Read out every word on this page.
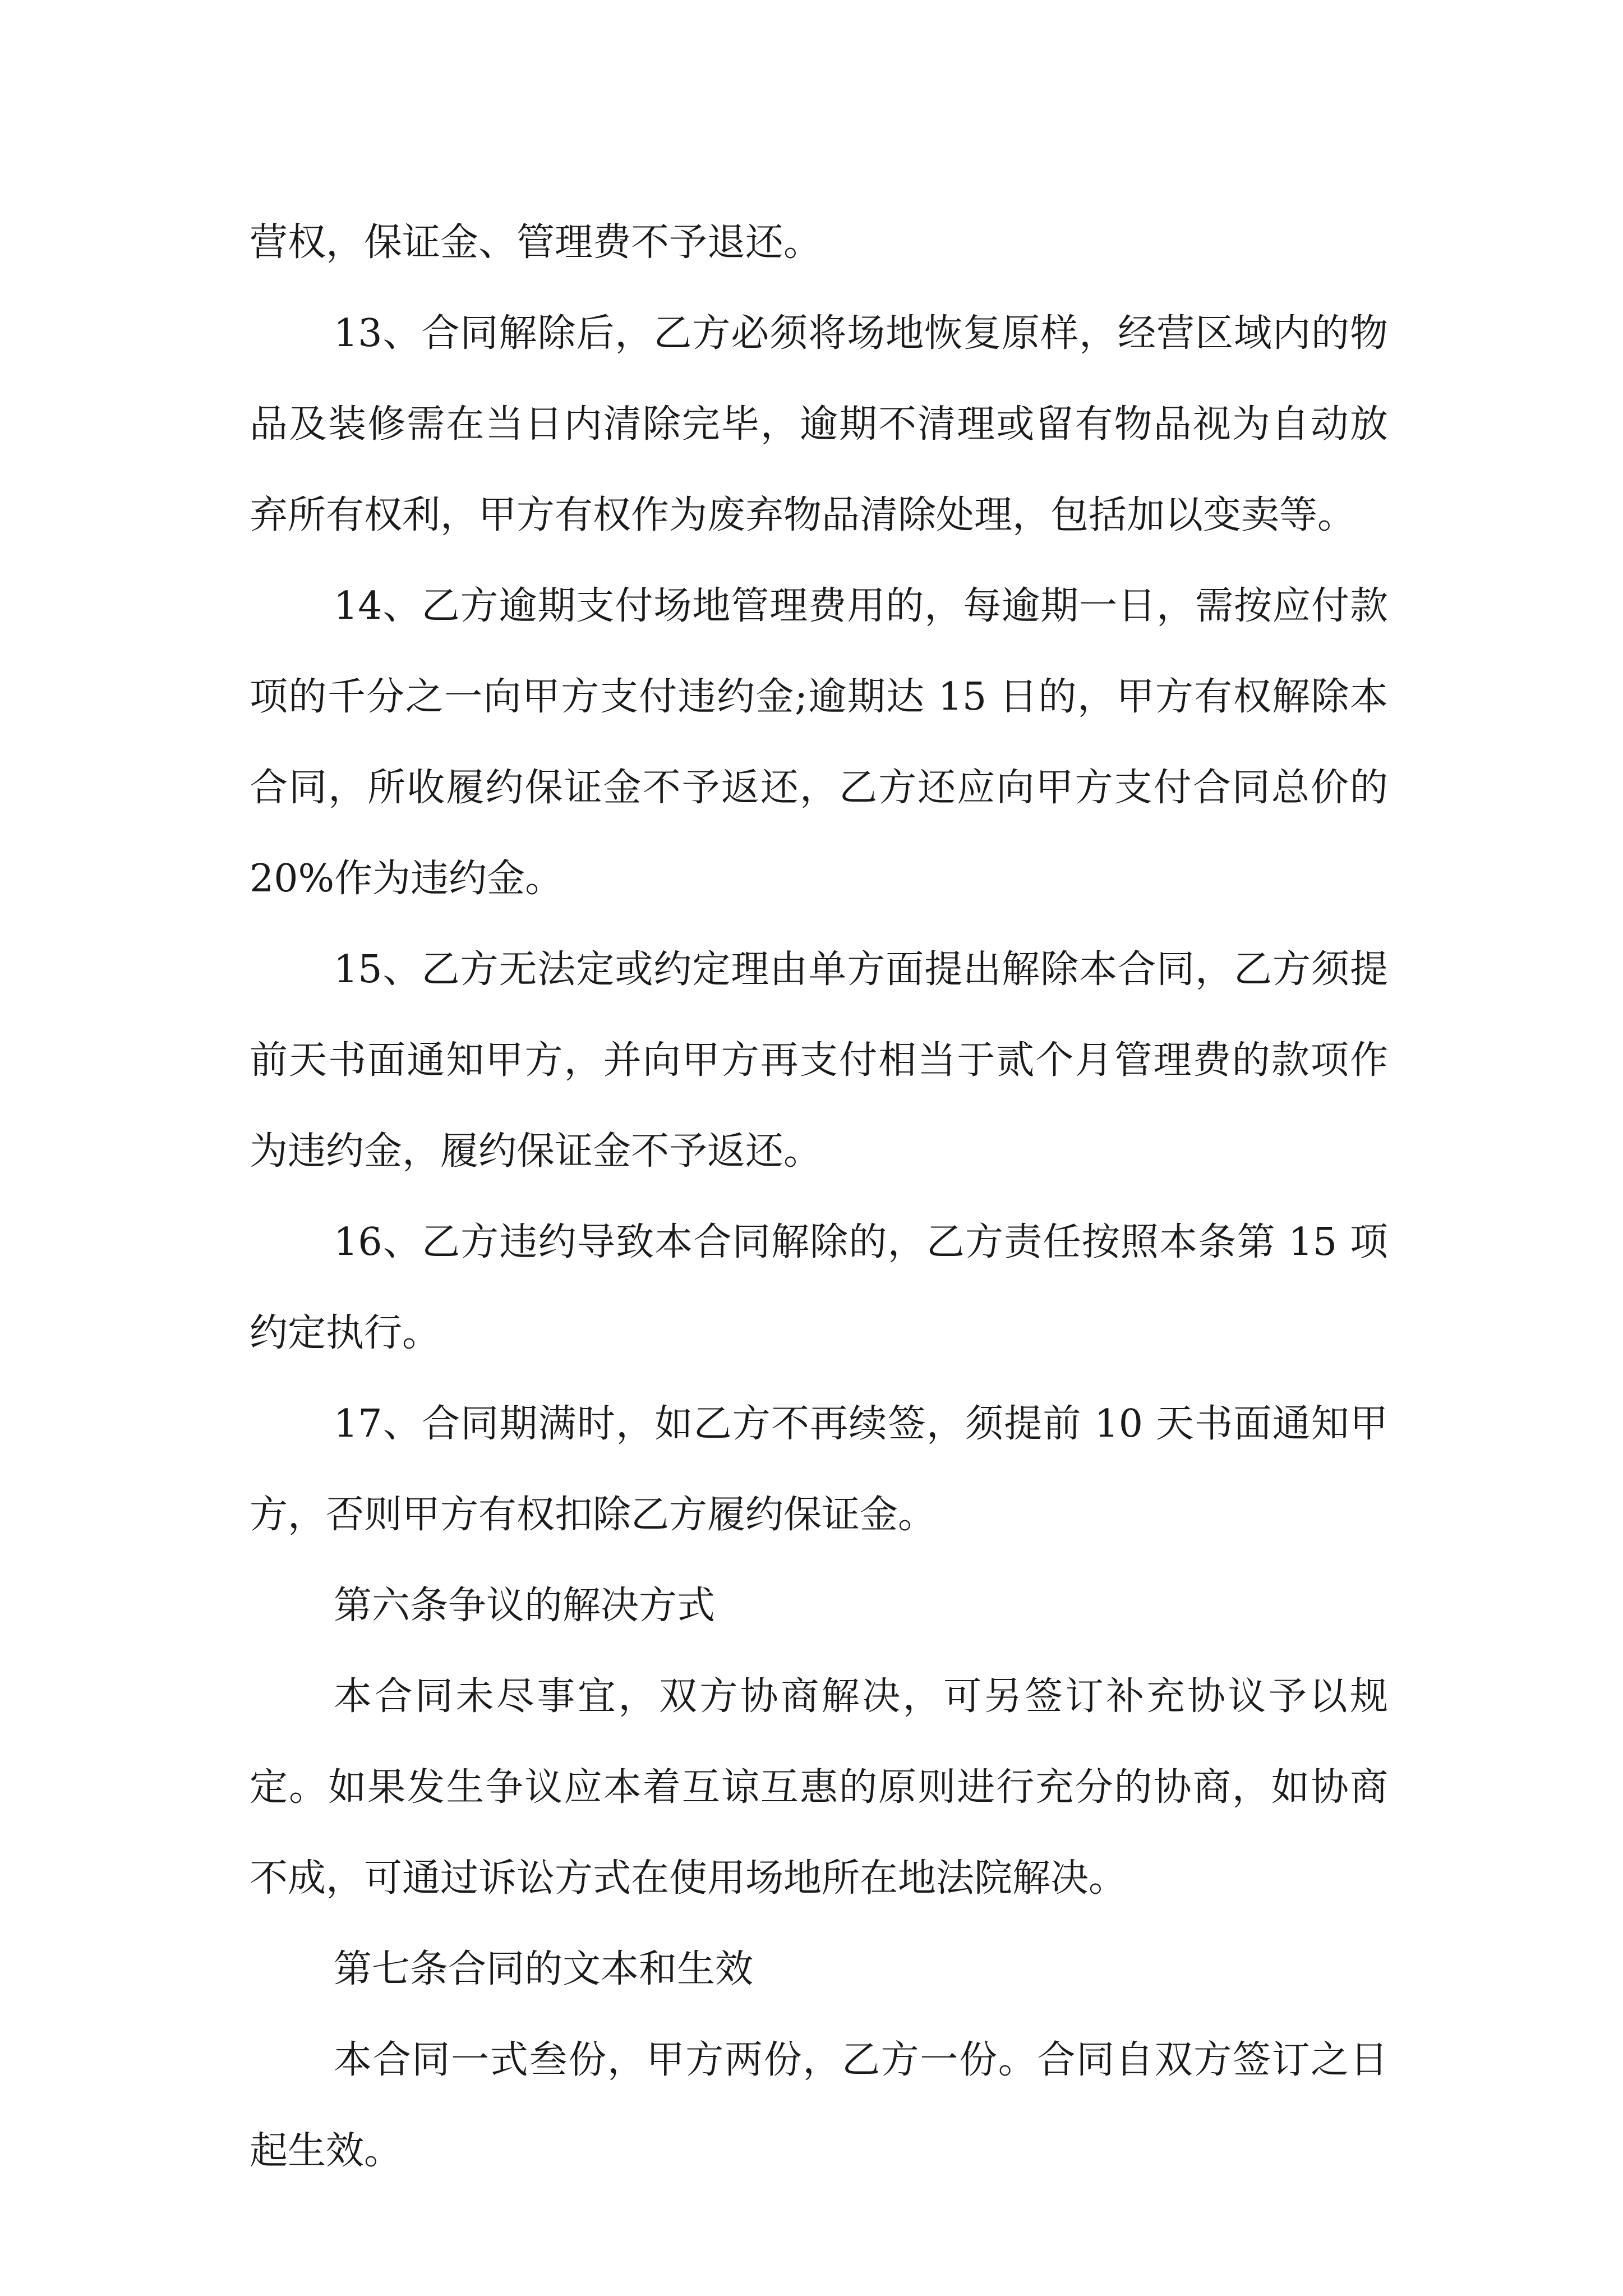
营权，保证金、管理费不予退还。

13、合同解除后，乙方必须将场地恢复原样，经营区域内的物品及装修需在当日内清除完毕，逾期不清理或留有物品视为自动放弃所有权利，甲方有权作为废弃物品清除处理，包括加以变卖等。

14、乙方逾期支付场地管理费用的，每逾期一日，需按应付款项的千分之一向甲方支付违约金;逾期达 15 日的，甲方有权解除本合同，所收履约保证金不予返还，乙方还应向甲方支付合同总价的 20%作为违约金。

15、乙方无法定或约定理由单方面提出解除本合同，乙方须提前天书面通知甲方，并向甲方再支付相当于贰个月管理费的款项作为违约金，履约保证金不予返还。

16、乙方违约导致本合同解除的，乙方责任按照本条第 15 项约定执行。

17、合同期满时，如乙方不再续签，须提前 10 天书面通知甲方，否则甲方有权扣除乙方履约保证金。

第六条争议的解决方式

本合同未尽事宜，双方协商解决，可另签订补充协议予以规定。如果发生争议应本着互谅互惠的原则进行充分的协商，如协商不成，可通过诉讼方式在使用场地所在地法院解决。

第七条合同的文本和生效

本合同一式叁份，甲方两份，乙方一份。合同自双方签订之日起生效。
